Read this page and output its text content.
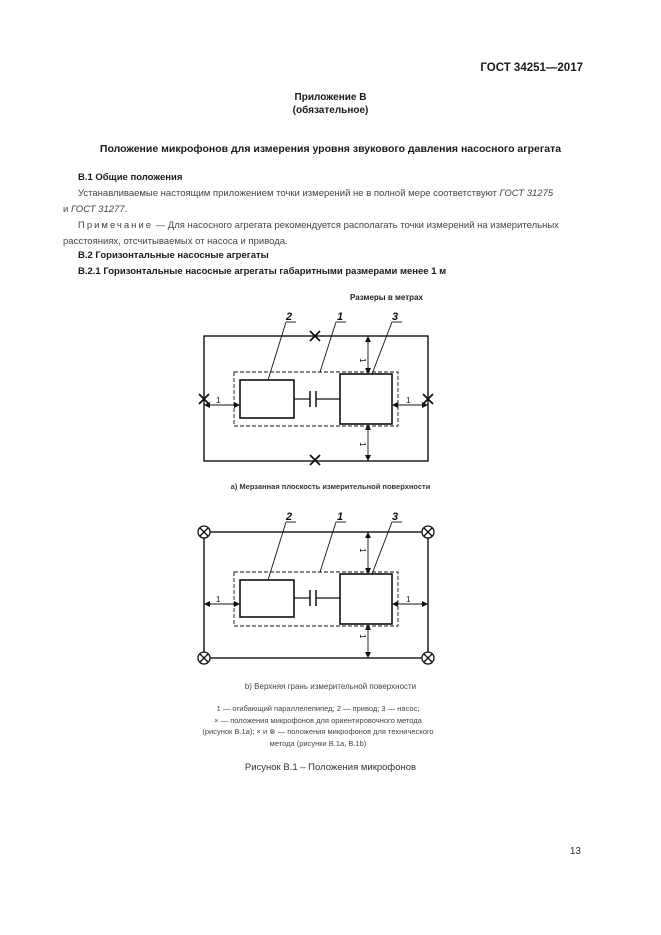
ГОСТ 34251—2017
Приложение В
(обязательное)
Положение микрофонов для измерения уровня звукового давления насосного агрегата
В.1 Общие положения
Устанавливаемые настоящим приложением точки измерений не в полной мере соответствуют ГОСТ 31275
и ГОСТ 31277.
Примечание — Для насосного агрегата рекомендуется располагать точки измерений на измерительных расстояниях, отсчитываемых от насоса и привода.
В.2 Горизонтальные насосные агрегаты
В.2.1 Горизонтальные насосные агрегаты габаритными размерами менее 1 м
Размеры в метрах
2	1	3
1	1
1
1
2	1	3
1	1
1
1
a) Мерзанная плоскость измерительной поверхности
b) Верхняя грань измерительной поверхности
1 — огибающий параллелепипед; 2 — привод; 3 — насос;
× — положения микрофонов для ориентировочного метода
(рисунок В.1а); × и ⊗ — положения микрофонов для технического
метода (рисунки В.1а, В.1b)
Рисунок В.1 – Положения микрофонов
13
